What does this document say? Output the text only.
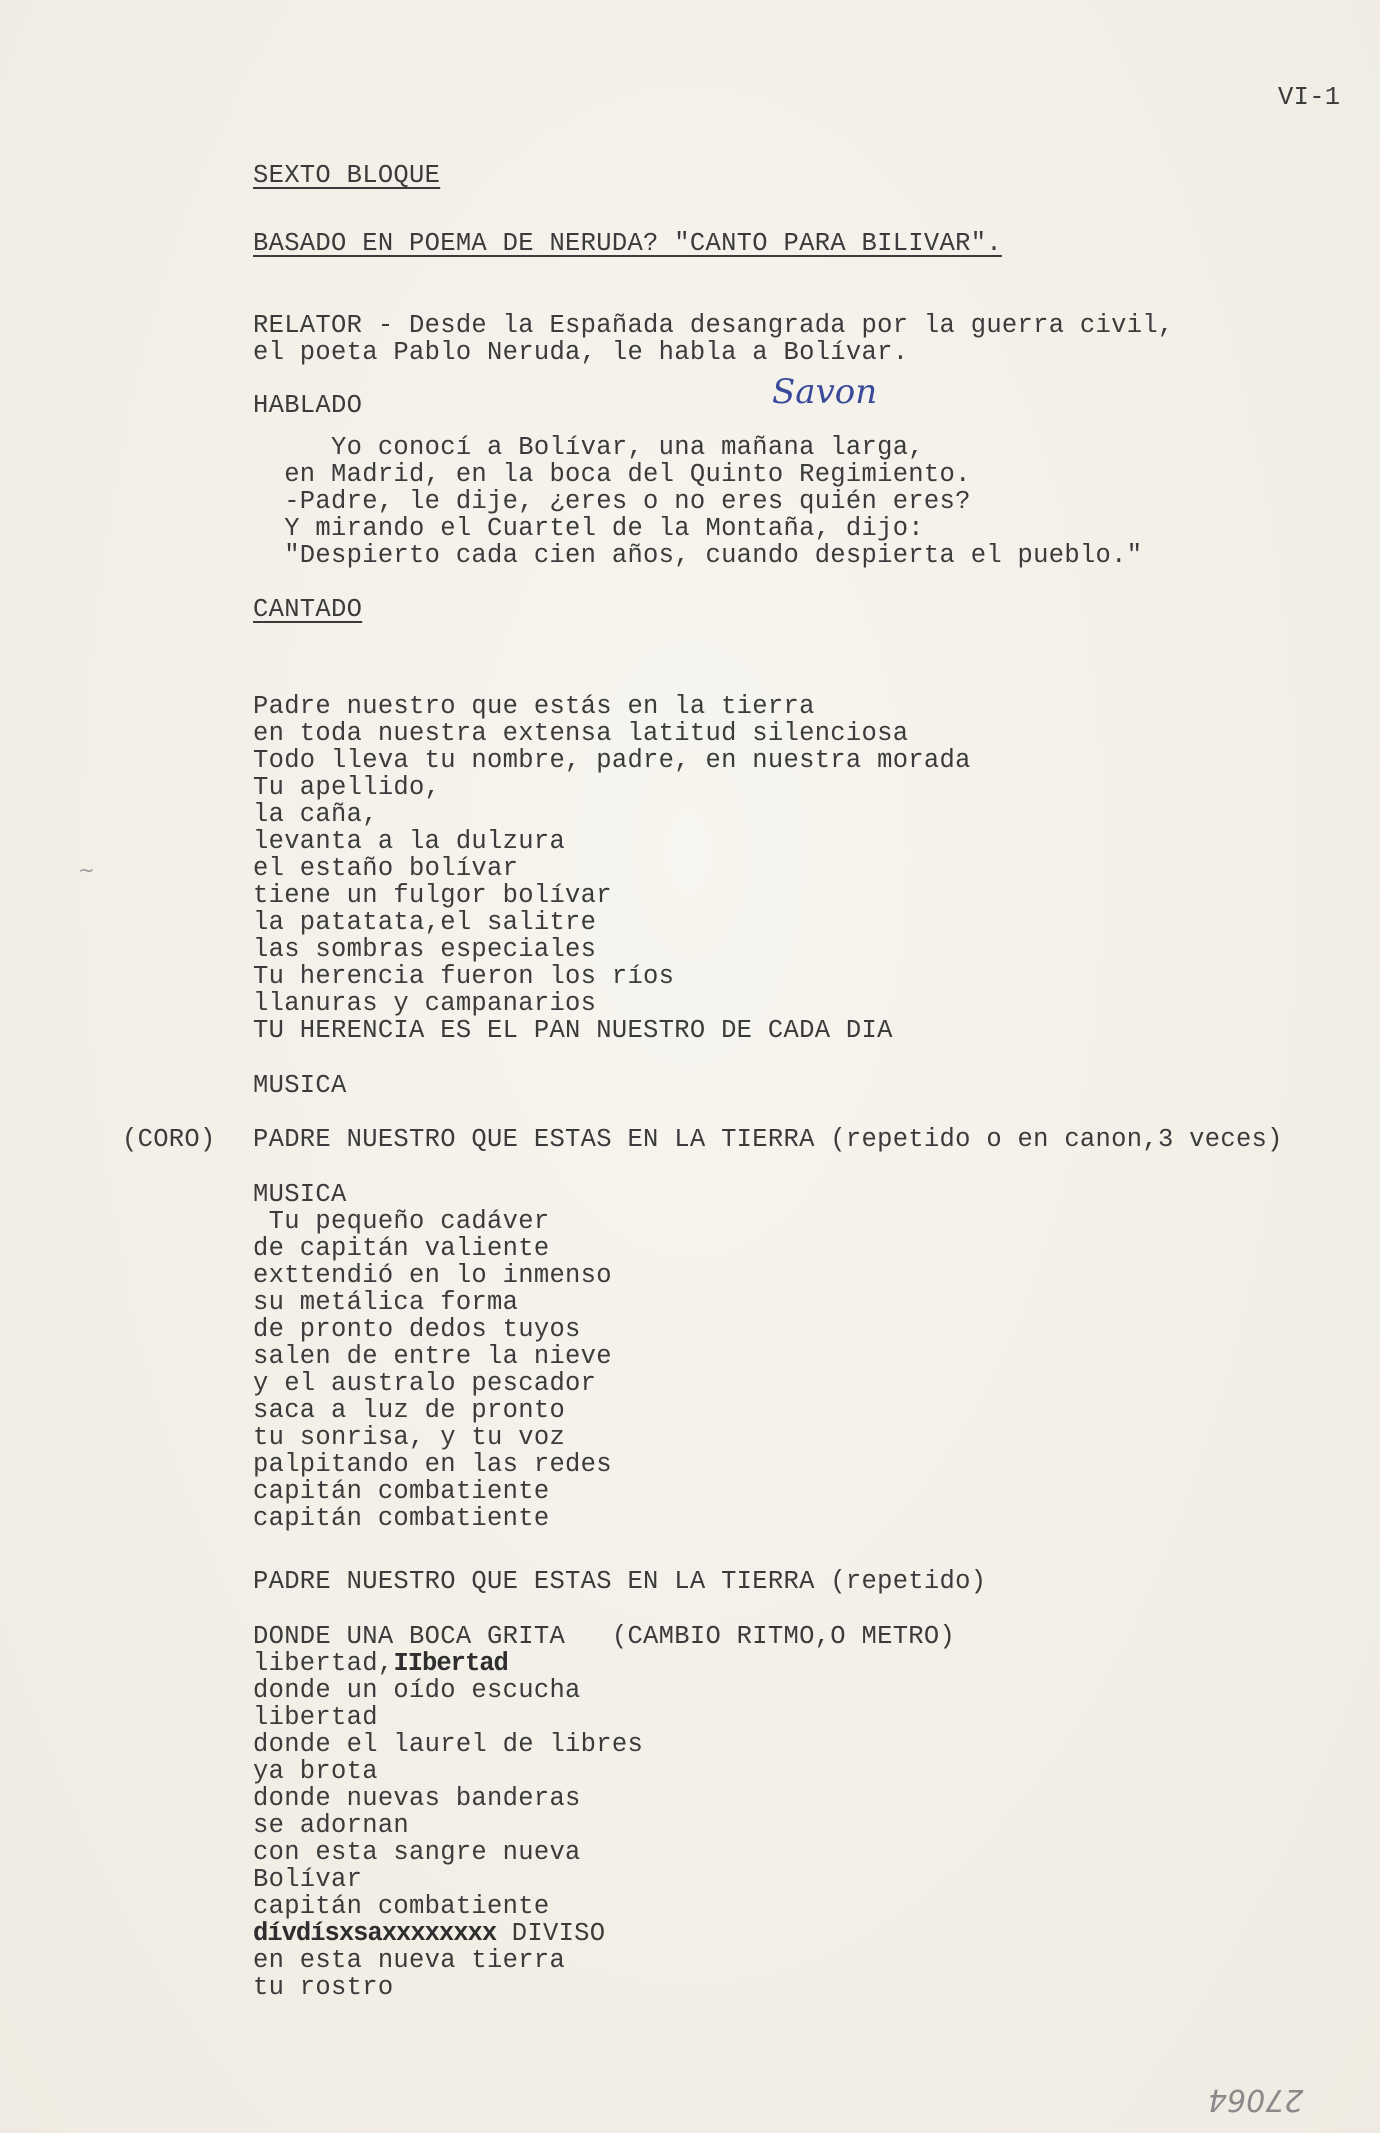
VI-1
SEXTO BLOQUE
BASADO EN POEMA DE NERUDA? "CANTO PARA BILIVAR".
RELATOR - Desde la Españada desangrada por la guerra civil,
el poeta Pablo Neruda, le habla a Bolívar.
HABLADO	Savon
Yo conocí a Bolívar, una mañana larga,
en Madrid, en la boca del Quinto Regimiento.
-Padre, le dije, ¿eres o no eres quién eres?
Y mirando el Cuartel de la Montaña, dijo:
"Despierto cada cien años, cuando despierta el pueblo."
CANTADO
Padre nuestro que estás en la tierra
en toda nuestra extensa latitud silenciosa
Todo lleva tu nombre, padre, en nuestra morada
Tu apellido,
la caña,
levanta a la dulzura
el estaño bolívar
tiene un fulgor bolívar
la patatata,el salitre
las sombras especiales
Tu herencia fueron los ríos
llanuras y campanarios
TU HERENCIA ES EL PAN NUESTRO DE CADA DIA
~
MUSICA
(CORO) PADRE NUESTRO QUE ESTAS EN LA TIERRA (repetido o en canon,3 veces)
MUSICA
Tu pequeño cadáver
de capitán valiente
exttendió en lo inmenso
su metálica forma
de pronto dedos tuyos
salen de entre la nieve
y el australo pescador
saca a luz de pronto
tu sonrisa, y tu voz
palpitando en las redes
capitán combatiente
capitán combatiente
PADRE NUESTRO QUE ESTAS EN LA TIERRA (repetido)
DONDE UNA BOCA GRITA   (CAMBIO RITMO,O METRO)
libertad,IIbertad
donde un oído escucha
libertad
donde el laurel de libres
ya brota
donde nuevas banderas
se adornan
con esta sangre nueva
Bolívar
capitán combatiente
dívdísxsaxxxxxxxx DIVISO
en esta nueva tierra
tu rostro
27064
